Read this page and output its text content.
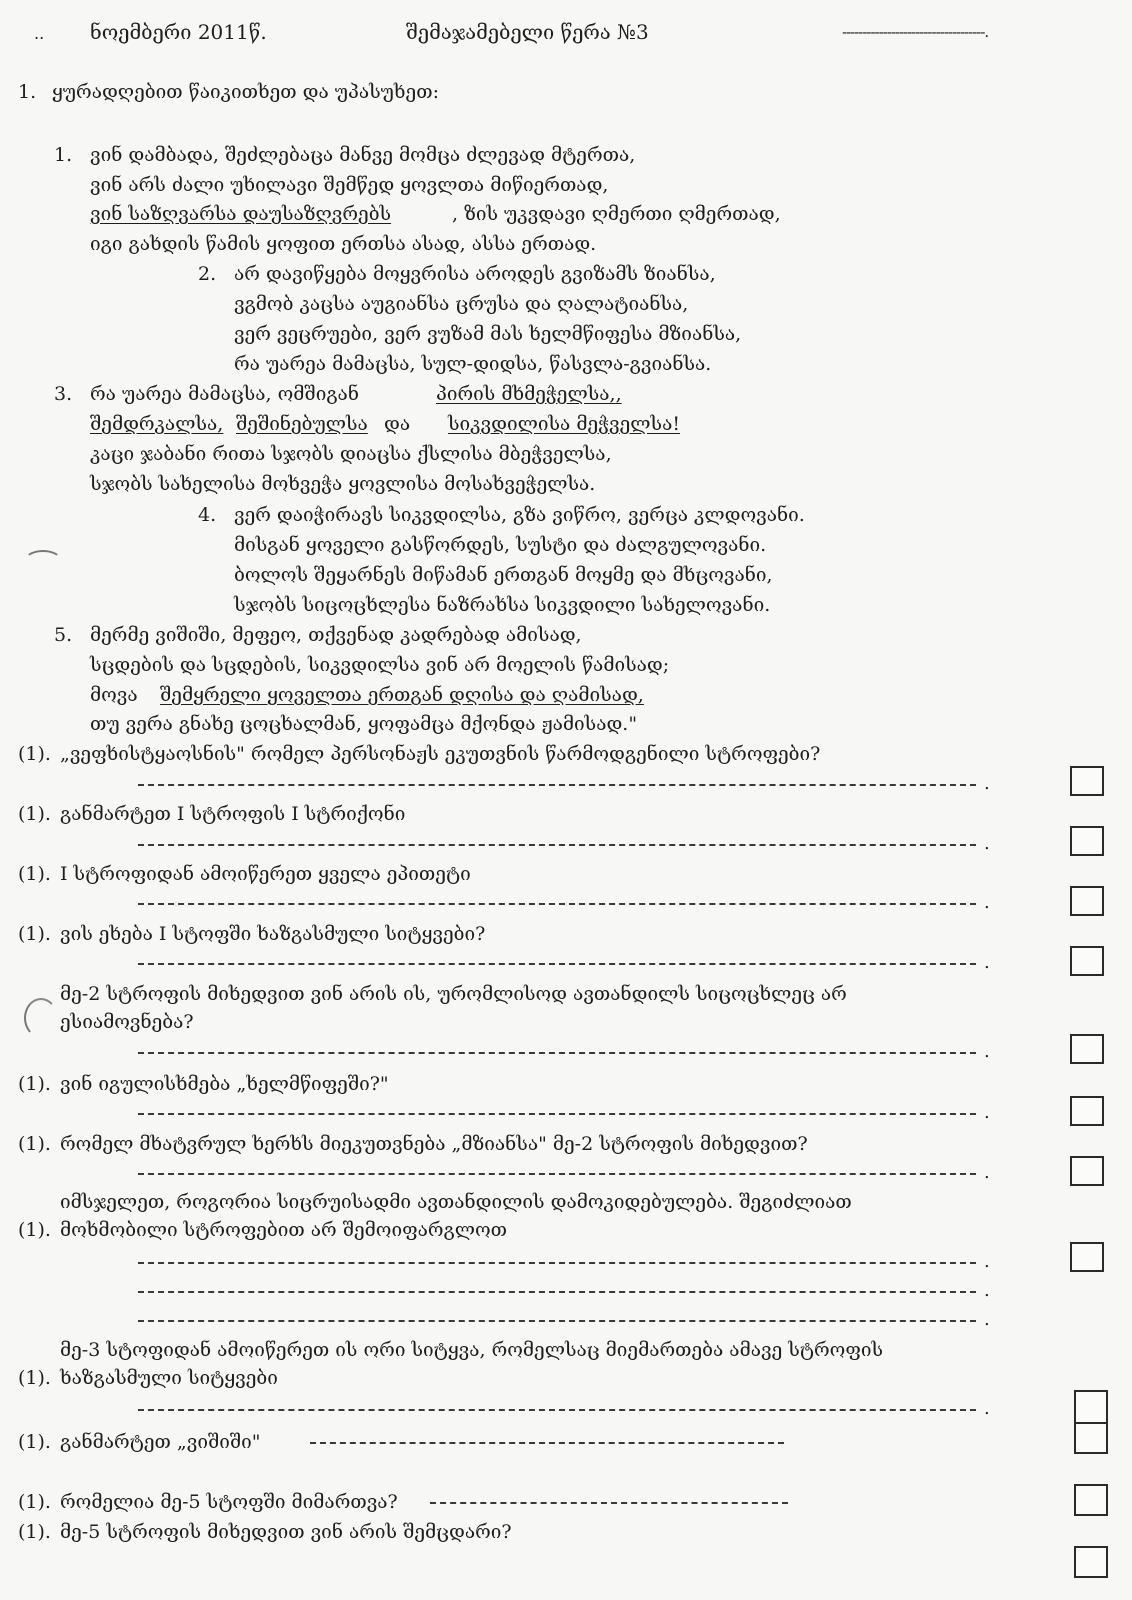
.. ნოემბერი 2011წ.	შემაჯამებელი წერა №3	-----------------------------------.
1. ყურადღებით წაიკითხეთ და უპასუხეთ:
1. ვინ დამბადა, შეძლებაცა მანვე მომცა ძლევად მტერთა,
ვინ არს ძალი უხილავი შემწედ ყოვლთა მიწიერთად,
ვინ საზღვარსა დაუსაზღვრებს	, ზის უკვდავი ღმერთი ღმერთად,
იგი გახდის წამის ყოფით ერთსა ასად, ასსა ერთად.
2. არ დავიწყება მოყვრისა აროდეს გვიზამს ზიანსა,
ვგმობ კაცსა აუგიანსა ცრუსა და ღალატიანსა,
ვერ ვეცრუები, ვერ ვუზამ მას ხელმწიფესა მზიანსა,
რა უარეა მამაცსა, სულ-დიდსა, წასვლა-გვიანსა.
3. რა უარეა მამაცსა, ომშიგან	პირის მხმეჭელსა,,
შემდრკალსა, შეშინებულსა და სიკვდილისა მეჭველსა!
კაცი ჯაბანი რითა სჯობს დიაცსა ქსლისა მბეჭველსა,
სჯობს სახელისა მოხვეჭა ყოვლისა მოსახვეჭელსა.
4. ვერ დაიჭირავს სიკვდილსა, გზა ვიწრო, ვერცა კლდოვანი.
მისგან ყოველი გასწორდეს, სუსტი და ძალგულოვანი.
ბოლოს შეყარნეს მიწამან ერთგან მოყმე და მხცოვანი,
სჯობს სიცოცხლესა ნაზრახსა სიკვდილი სახელოვანი.
5. მერმე ვიშიში, მეფეო, თქვენად კადრებად ამისად,
სცდების და სცდების, სიკვდილსა ვინ არ მოელის წამისად;
მოვა შემყრელი ყოველთა ერთგან დღისა და ღამისად,
თუ ვერა გნახე ცოცხალმან, ყოფამცა მქონდა ჟამისად."
(1). „ვეფხისტყაოსნის" რომელ პერსონაჟს ეკუთვნის წარმოდგენილი სტროფები?
.
(1). განმარტეთ I სტროფის I სტრიქონი
.
(1). I სტროფიდან ამოიწერეთ ყველა ეპითეტი
.
(1). ვის ეხება I სტოფში ხაზგასმული სიტყვები?
.
მე-2 სტროფის მიხედვით ვინ არის ის, ურომლისოდ ავთანდილს სიცოცხლეც არ
ესიამოვნება?
.
(1). ვინ იგულისხმება „ხელმწიფეში?"
.
(1). რომელ მხატვრულ ხერხს მიეკუთვნება „მზიანსა" მე-2 სტროფის მიხედვით?
.
იმსჯელეთ, როგორია სიცრუისადმი ავთანდილის დამოკიდებულება. შეგიძლიათ
(1). მოხმობილი სტროფებით არ შემოიფარგლოთ
.
.
.
მე-3 სტოფიდან ამოიწერეთ ის ორი სიტყვა, რომელსაც მიემართება ამავე სტროფის
(1). ხაზგასმული სიტყვები
.
(1). განმარტეთ „ვიშიში"
(1). რომელია მე-5 სტოფში მიმართვა?
(1). მე-5 სტროფის მიხედვით ვინ არის შემცდარი?
